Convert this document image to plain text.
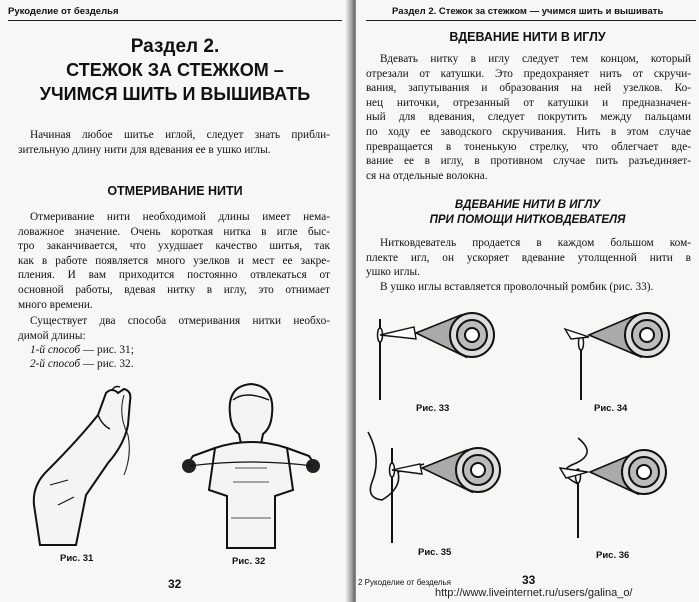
Рукоделие от безделья
Раздел 2.
СТЕЖОК ЗА СТЕЖКОМ –
УЧИМСЯ ШИТЬ И ВЫШИВАТЬ
Начиная любое шитье иглой, следует знать прибли-
зительную длину нити для вдевания ее в ушко иглы.
ОТМЕРИВАНИЕ НИТИ
Отмеривание нити необходимой длины имеет нема-
ловажное значение. Очень короткая нитка в игле быс-
тро заканчивается, что ухудшает качество шитья, так
как в работе появляется много узелков и мест ее закре-
пления. И вам приходится постоянно отвлекаться от
основной работы, вдевая нитку в иглу, это отнимает
много времени.
Существует два способа отмеривания нитки необхо-
димой длины:
1-й способ — рис. 31;
2-й способ — рис. 32.
Рис. 31	Рис. 32
32
Раздел 2. Стежок за стежком — учимся шить и вышивать
ВДЕВАНИЕ НИТИ В ИГЛУ
Вдевать нитку в иглу следует тем концом, который
отрезали от катушки. Это предохраняет нить от скручи-
вания, запутывания и образования на ней узелков. Ко-
нец ниточки, отрезанный от катушки и предназначен-
ный для вдевания, следует покрутить между пальцами
по ходу ее заводского скручивания. Нить в этом случае
превращается в тоненькую стрелку, что облегчает вде-
вание ее в иглу, в противном случае пить разъединяет-
ся на отдельные волокна.
ВДЕВАНИЕ НИТИ В ИГЛУ
ПРИ ПОМОЩИ НИТКОВДЕВАТЕЛЯ
Нитковдеватель продается в каждом большом ком-
плекте игл, он ускоряет вдевание утолщенной нити в
ушко иглы.
В ушко иглы вставляется проволочный ромбик (рис. 33).
Рис. 33	Рис. 34
Рис. 35	Рис. 36
2 Рукоделие от безделья	33
http://www.liveinternet.ru/users/galina_o/
